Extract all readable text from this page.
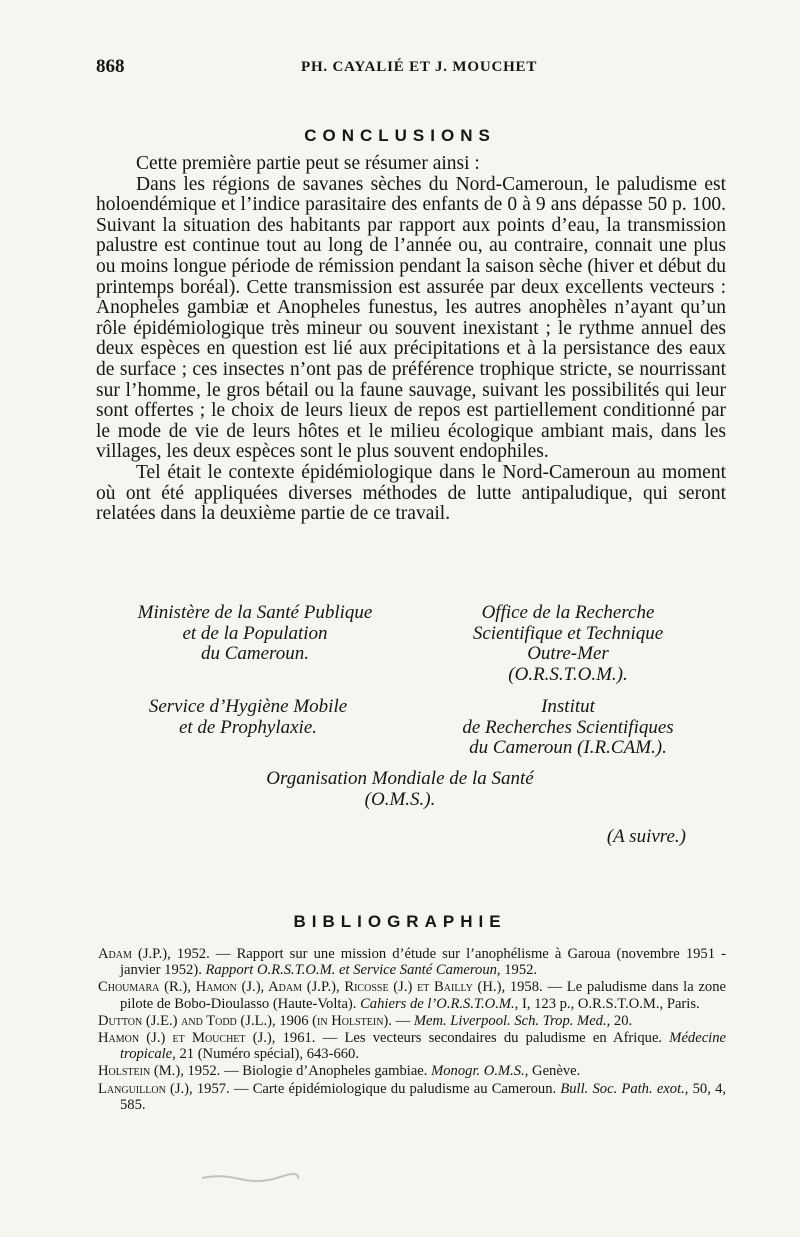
868	PH. CAYALIÉ ET J. MOUCHET
CONCLUSIONS

Cette première partie peut se résumer ainsi :

Dans les régions de savanes sèches du Nord-Cameroun, le paludisme est holoendémique et l’indice parasitaire des enfants de 0 à 9 ans dépasse 50 p. 100. Suivant la situation des habitants par rapport aux points d’eau, la transmission palustre est continue tout au long de l’année ou, au contraire, connait une plus ou moins longue période de rémission pendant la saison sèche (hiver et début du printemps boréal). Cette transmission est assurée par deux excellents vecteurs : Anopheles gambiæ et Anopheles funestus, les autres anophèles n’ayant qu’un rôle épidémiologique très mineur ou souvent inexistant ; le rythme annuel des deux espèces en question est lié aux précipitations et à la persistance des eaux de surface ; ces insectes n’ont pas de préférence trophique stricte, se nourrissant sur l’homme, le gros bétail ou la faune sauvage, suivant les possibilités qui leur sont offertes ; le choix de leurs lieux de repos est partiellement conditionné par le mode de vie de leurs hôtes et le milieu écologique ambiant mais, dans les villages, les deux espèces sont le plus souvent endophiles.

Tel était le contexte épidémiologique dans le Nord-Cameroun au moment où ont été appliquées diverses méthodes de lutte antipaludique, qui seront relatées dans la deuxième partie de ce travail.

Ministère de la Santé Publique
et de la Population
du Cameroun.
Office de la Recherche
Scientifique et Technique
Outre-Mer
(O.R.S.T.O.M.).
Service d’Hygiène Mobile
et de Prophylaxie.
Institut
de Recherches Scientifiques
du Cameroun (I.R.CAM.).
Organisation Mondiale de la Santé
(O.M.S.).
(A suivre.)
BIBLIOGRAPHIE
Adam (J.P.), 1952. — Rapport sur une mission d’étude sur l’anophélisme à Garoua (novembre 1951 - janvier 1952). Rapport O.R.S.T.O.M. et Service Santé Cameroun, 1952.
Choumara (R.), Hamon (J.), Adam (J.P.), Ricosse (J.) et Bailly (H.), 1958. — Le paludisme dans la zone pilote de Bobo-Dioulasso (Haute-Volta). Cahiers de l’O.R.S.T.O.M., I, 123 p., O.R.S.T.O.M., Paris.
Dutton (J.E.) and Todd (J.L.), 1906 (in Holstein). — Mem. Liverpool. Sch. Trop. Med., 20.
Hamon (J.) et Mouchet (J.), 1961. — Les vecteurs secondaires du paludisme en Afrique. Médecine tropicale, 21 (Numéro spécial), 643-660.
Holstein (M.), 1952. — Biologie d’Anopheles gambiae. Monogr. O.M.S., Genève.
Languillon (J.), 1957. — Carte épidémiologique du paludisme au Cameroun. Bull. Soc. Path. exot., 50, 4, 585.
